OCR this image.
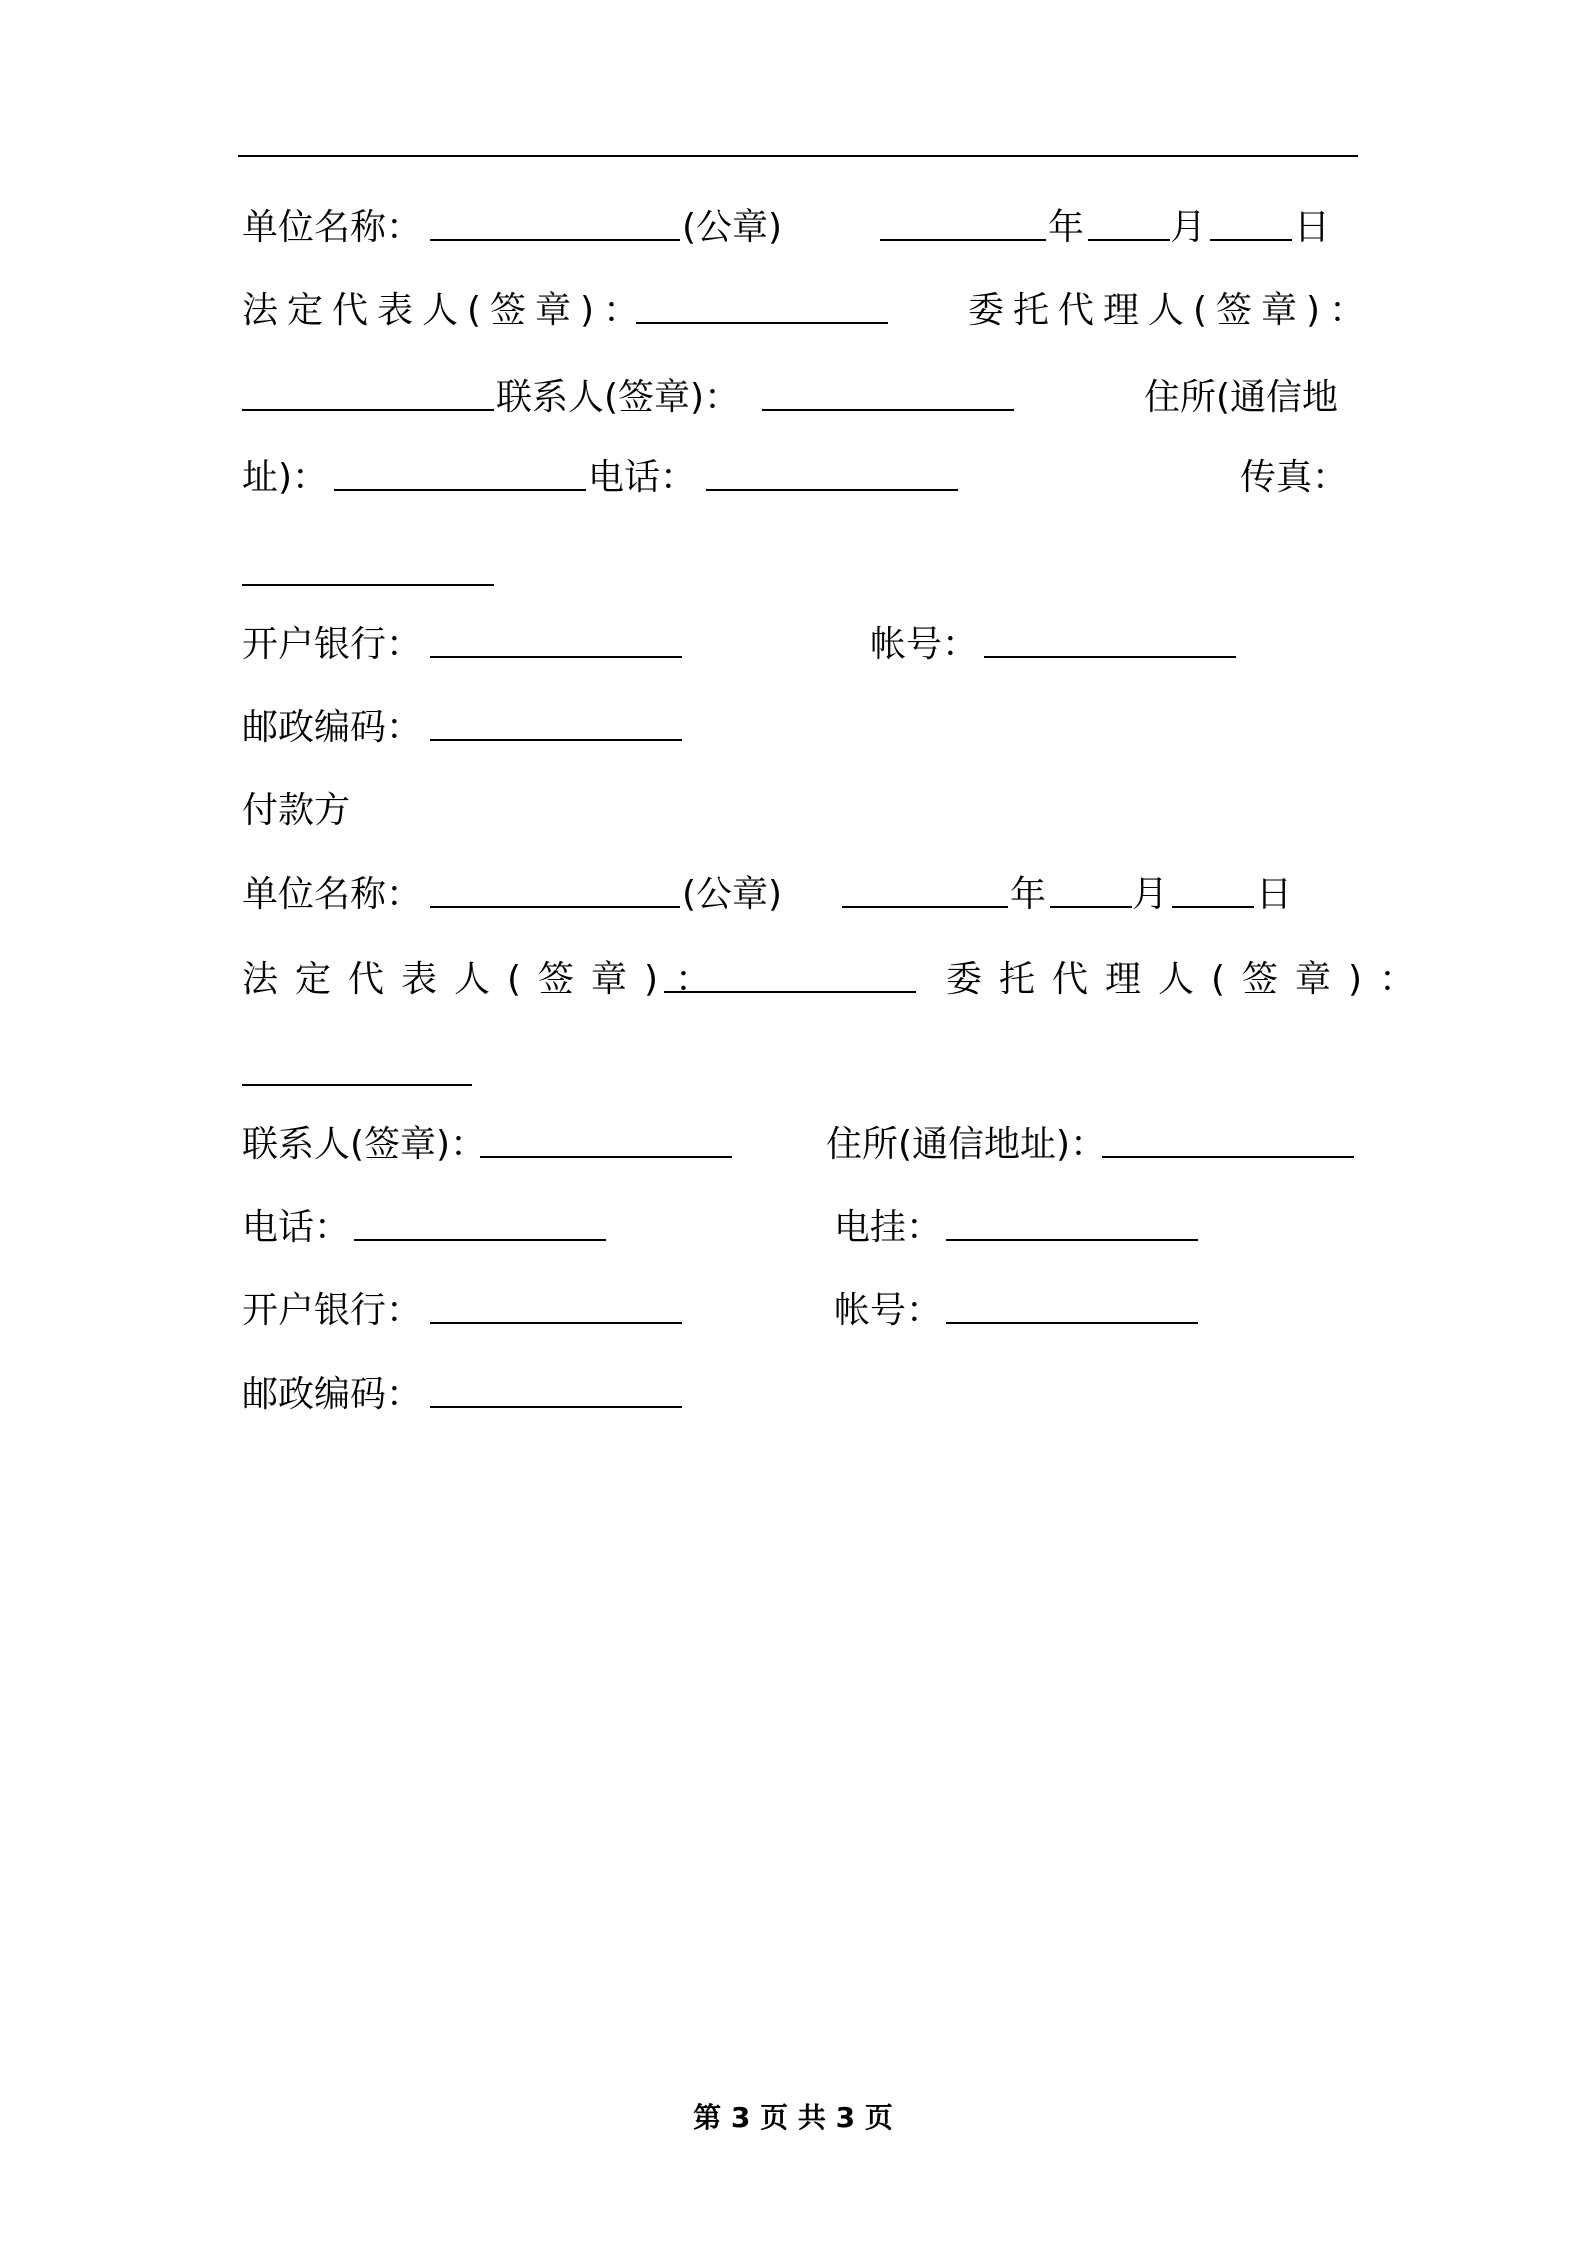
单位名称：	(公章)	年 月 日
法定代表人(签章)：	委托代理人(签章)：
联系人(签章)：	住所(通信地
址)：	电话：	传真：
开户银行：	帐号：
邮政编码：
付款方
单位名称：	(公章)	年 月 日
法定代表人(签章)：	委托代理人(签章)：
联系人(签章)：	住所(通信地址)：
电话：	电挂：
开户银行：	帐号：
邮政编码：
第 3 页 共 3 页
